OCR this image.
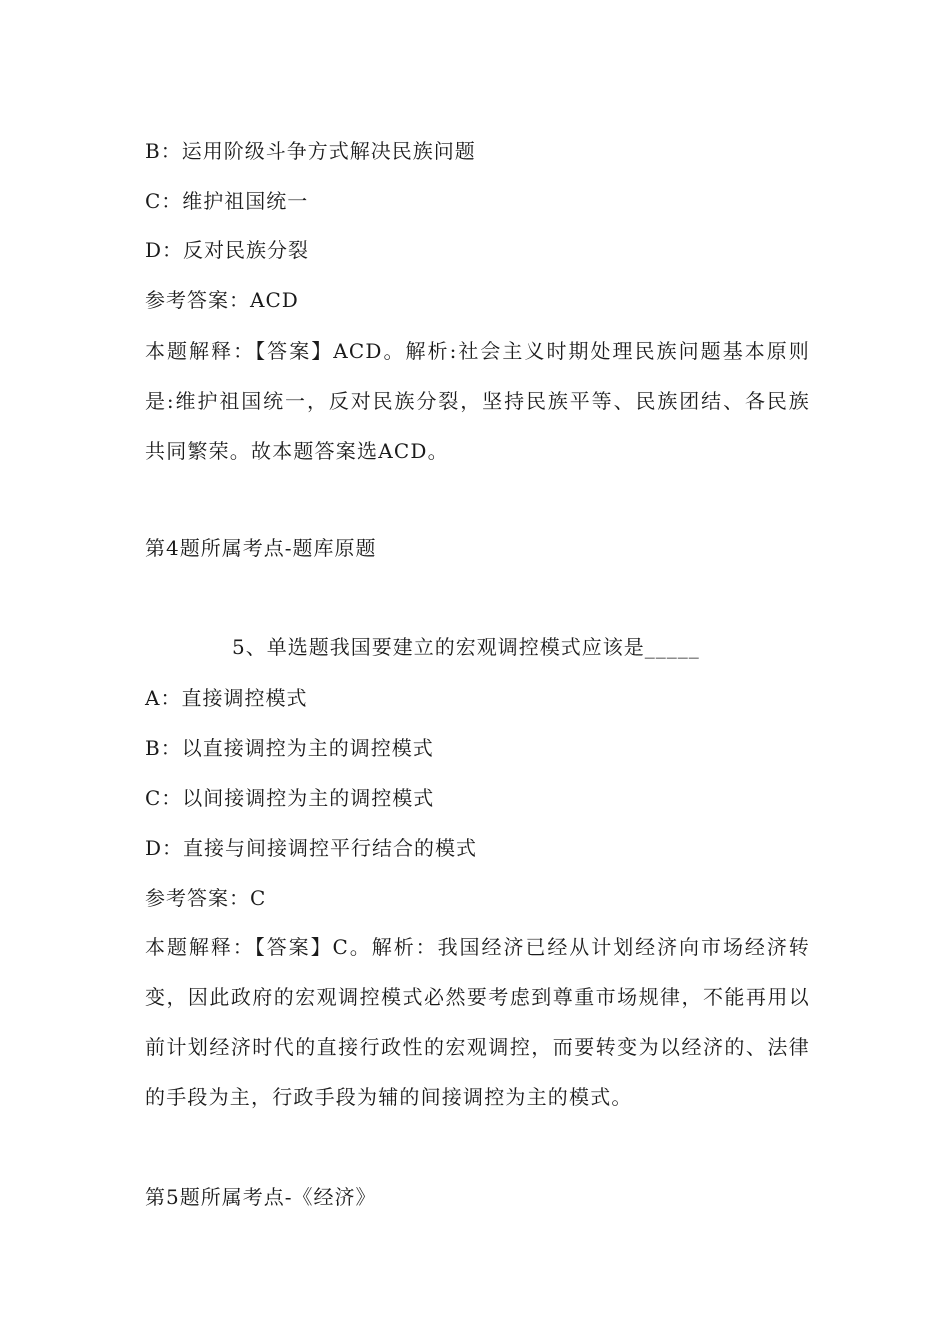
B：运用阶级斗争方式解决民族问题
C：维护祖国统一
D：反对民族分裂
参考答案：ACD
本题解释：【答案】ACD。解析:社会主义时期处理民族问题基本原则是:维护祖国统一，反对民族分裂，坚持民族平等、民族团结、各民族共同繁荣。故本题答案选ACD。
第4题所属考点-题库原题
5、单选题我国要建立的宏观调控模式应该是_____
A：直接调控模式
B：以直接调控为主的调控模式
C：以间接调控为主的调控模式
D：直接与间接调控平行结合的模式
参考答案：C
本题解释：【答案】C。解析：我国经济已经从计划经济向市场经济转变，因此政府的宏观调控模式必然要考虑到尊重市场规律，不能再用以前计划经济时代的直接行政性的宏观调控，而要转变为以经济的、法律的手段为主，行政手段为辅的间接调控为主的模式。
第5题所属考点-《经济》
